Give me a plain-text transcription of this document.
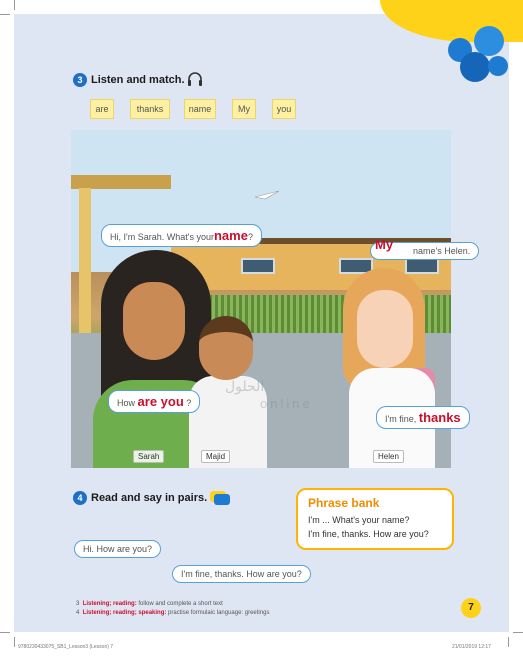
3 Listen and match.
are	thanks	name	My	you
الحلول
online
Hi, I'm Sarah. What's yourname?	My name's Helen.
How are you ?
I'm fine, thanks
Sarah	Majid	Helen
4 Read and say in pairs.
Hi. How are you?
I'm fine, thanks. How are you?
Phrase bank

I'm ... What's your name?

I'm fine, thanks. How are you?

3 Listening; reading: follow and complete a short text
4 Listening; reading; speaking: practise formulaic language: greetings	7
9780230433075_SB1_Lesson3 (Lesson) 7	21/01/2019 12:17
